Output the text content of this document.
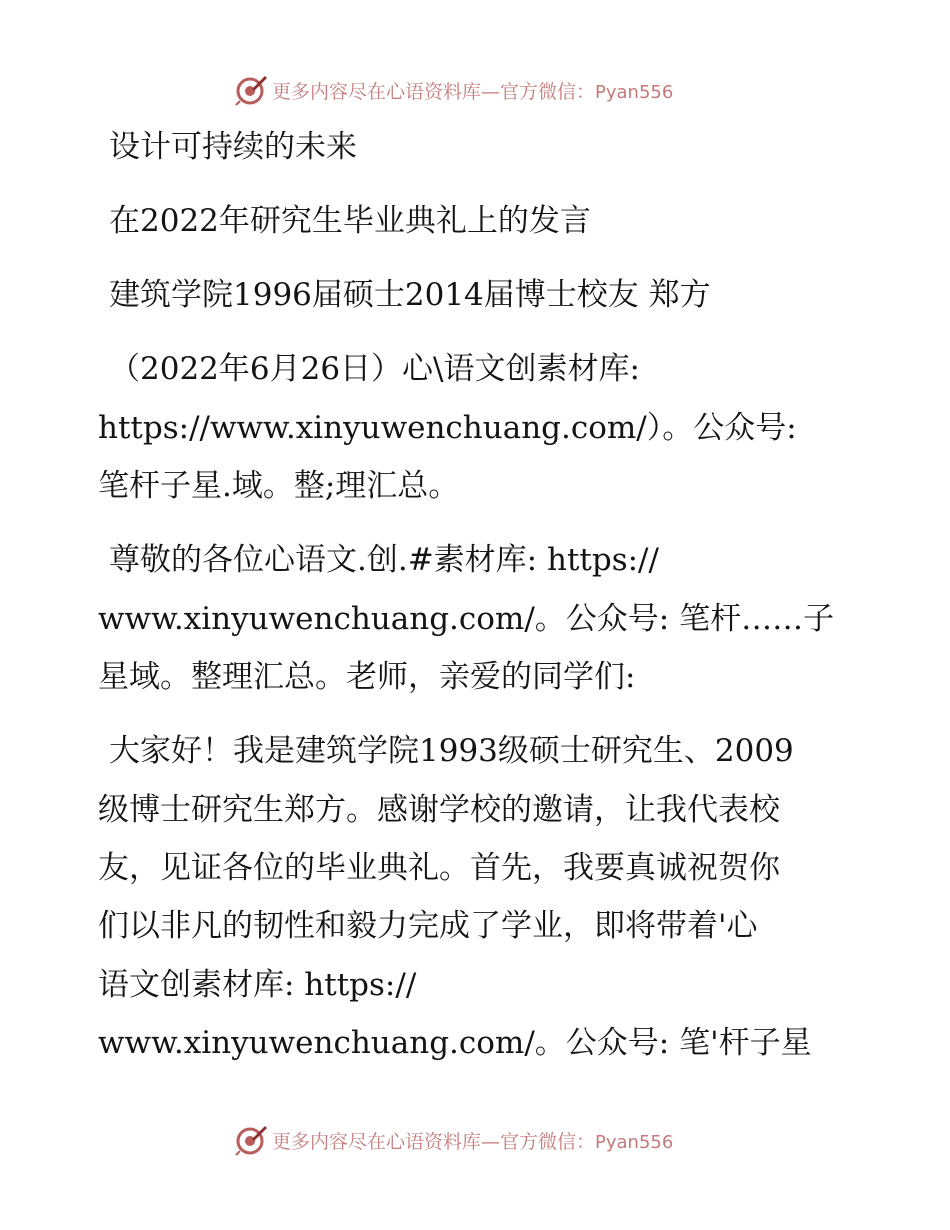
更多内容尽在心语资料库—官方微信：Pyan556
设计可持续的未来
在2022年研究生毕业典礼上的发言
建筑学院1996届硕士2014届博士校友 郑方
（2022年6月26日）心\语文创素材库:
https://www.xinyuwenchuang.com/）。公众号:
笔杆子星.域。整;理汇总。
尊敬的各位心语文.创.#素材库: https://
www.xinyuwenchuang.com/。公众号: 笔杆……子
星域。整理汇总。老师，亲爱的同学们:
大家好！我是建筑学院1993级硕士研究生、2009
级博士研究生郑方。感谢学校的邀请，让我代表校
友，见证各位的毕业典礼。首先，我要真诚祝贺你
们以非凡的韧性和毅力完成了学业，即将带着'心
语文创素材库: https://
www.xinyuwenchuang.com/。公众号: 笔'杆子星
更多内容尽在心语资料库—官方微信：Pyan556
